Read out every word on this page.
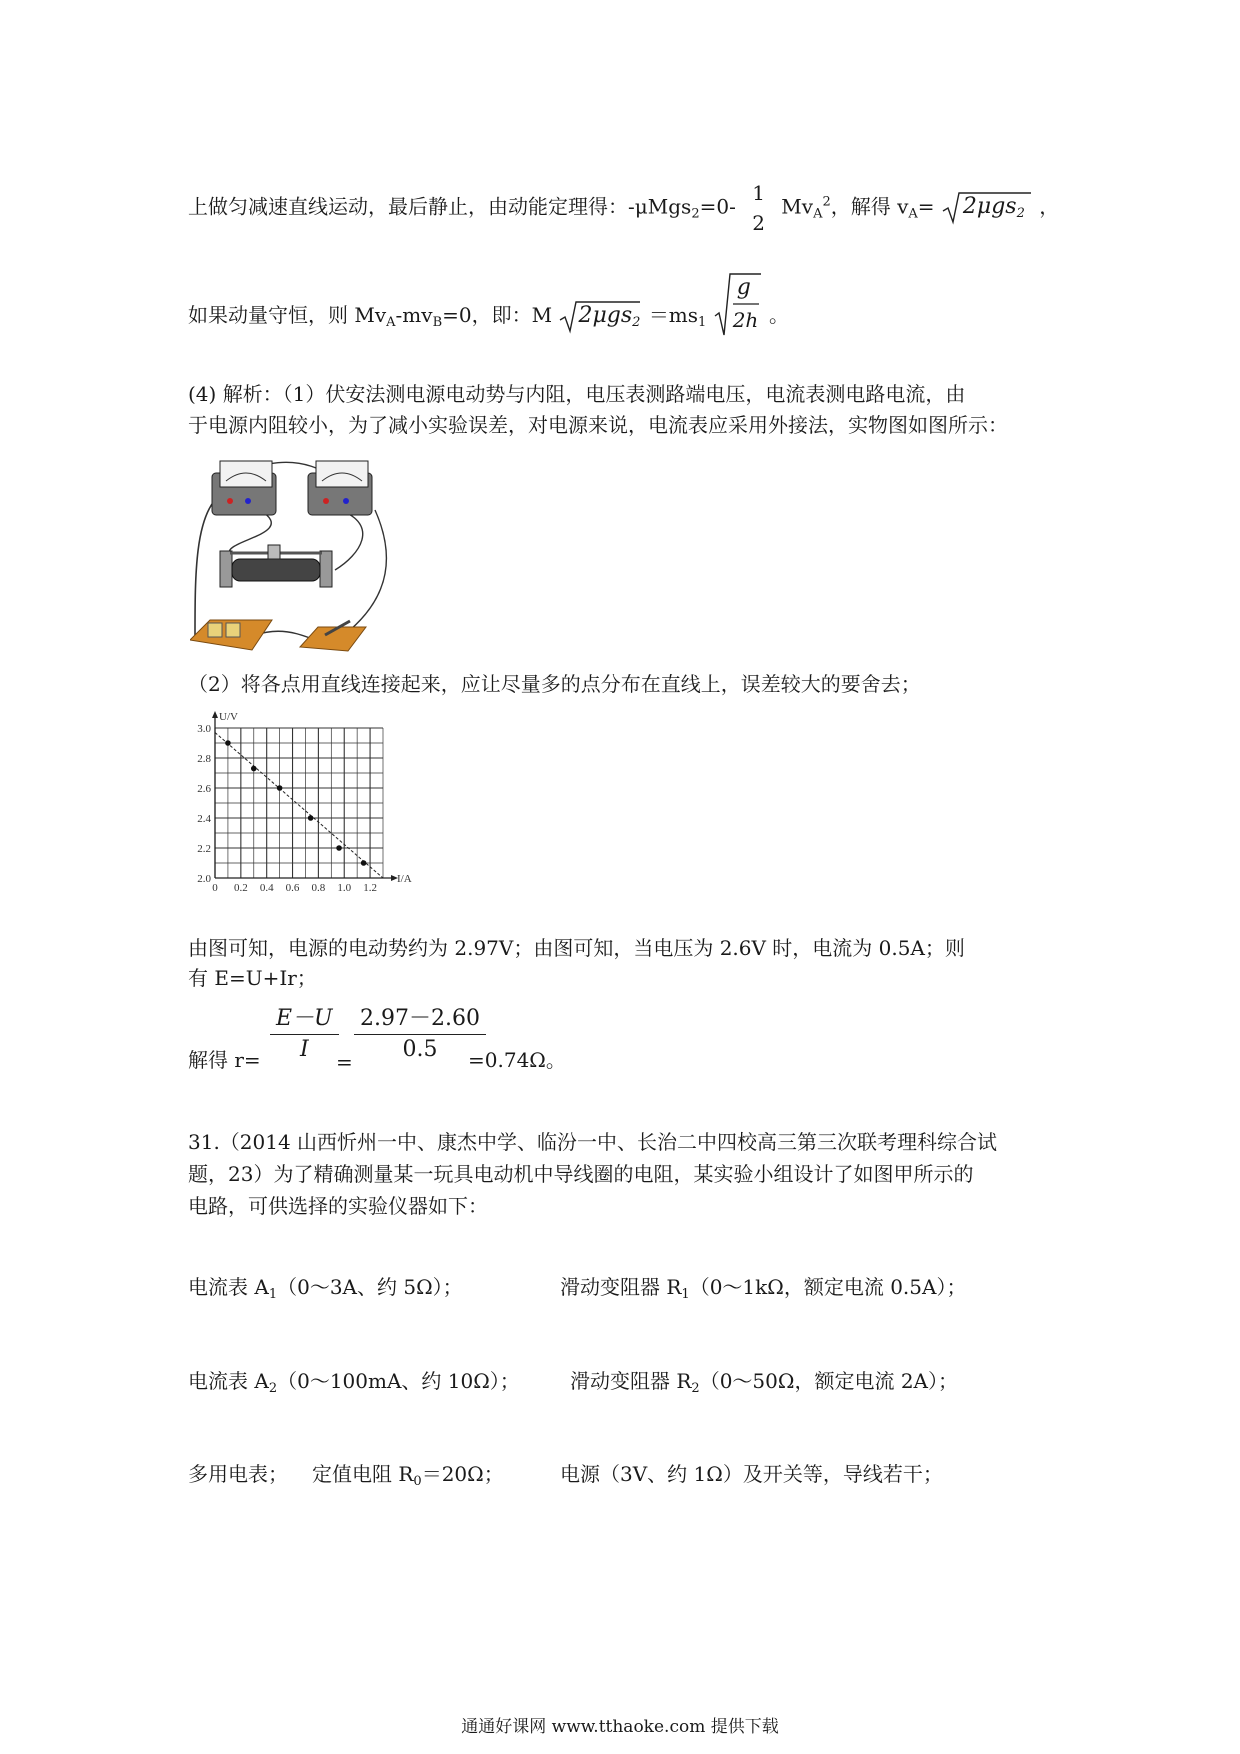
上做匀减速直线运动，最后静止，由动能定理得：-μMgs$_2$=0-
1
2
$Mv_A^2$，解得 $v_A= 2\mu gs_2$ ，
如果动量守恒，则 $Mv_A-mv_B=0$，即：M $2\mu gs_2 =ms_1$
g
2h 。
(4) 解析：（1）伏安法测电源电动势与内阻，电压表测路端电压，电流表测电路电流，由
于电源内阻较小，为了减小实验误差，对电源来说，电流表应采用外接法，实物图如图所示：
（2）将各点用直线连接起来，应让尽量多的点分布在直线上，误差较大的要舍去；
0 0.2 0.4 0.6 0.8 1.0 1.2
2.0
2.2
2.4
2.6
2.8
3.0
U/V
I/A
由图可知，电源的电动势约为 2.97V；由图可知，当电压为 2.6V 时，电流为 0.5A；则
有 E=U+Ir；
解得 $r= \frac{E-U}{I}$
= $\frac{2.97-2.60}{0.5}$
=0.74Ω。
31.（2014 山西忻州一中、康杰中学、临汾一中、长治二中四校高三第三次联考理科综合试
题，23）为了精确测量某一玩具电动机中导线圈的电阻，某实验小组设计了如图甲所示的
电路，可供选择的实验仪器如下：
电流表 $A_1(0\sim 3A$、约 5Ω）；	滑动变阻器 $R_1(0\sim 1k\Omega$，额定电流 0.5A）；
电流表 $A_2(0\sim 100mA$、约 10Ω）；	滑动变阻器 $R_2(0\sim 50\Omega$，额定电流 2A）；
多用电表； 定值电阻 $R_0=20\Omega$；	电源（3V、约 1Ω）及开关等，导线若干；
通通好课网 www.tthaoke.com 提供下载
